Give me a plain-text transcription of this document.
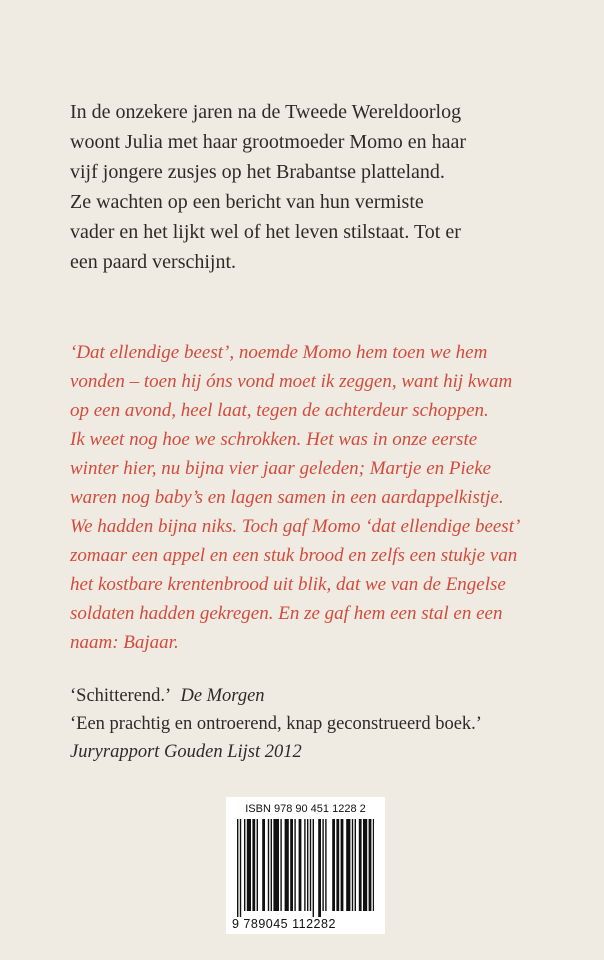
In de onzekere jaren na de Tweede Wereldoorlog
woont Julia met haar grootmoeder Momo en haar
vijf jongere zusjes op het Brabantse platteland.
Ze wachten op een bericht van hun vermiste
vader en het lijkt wel of het leven stilstaat. Tot er
een paard verschijnt.

‘Dat ellendige beest’, noemde Momo hem toen we hem
vonden – toen hij óns vond moet ik zeggen, want hij kwam
op een avond, heel laat, tegen de achterdeur schoppen.
Ik weet nog hoe we schrokken. Het was in onze eerste
winter hier, nu bijna vier jaar geleden; Martje en Pieke
waren nog baby’s en lagen samen in een aardappelkistje.
We hadden bijna niks. Toch gaf Momo ‘dat ellendige beest’
zomaar een appel en een stuk brood en zelfs een stukje van
het kostbare krentenbrood uit blik, dat we van de Engelse
soldaten hadden gekregen. En ze gaf hem een stal en een
naam: Bajaar.

‘Schitterend.’ De Morgen
‘Een prachtig en ontroerend, knap geconstrueerd boek.’
Juryrapport Gouden Lijst 2012
ISBN 978 90 451 1228 2
9 789045 112282
